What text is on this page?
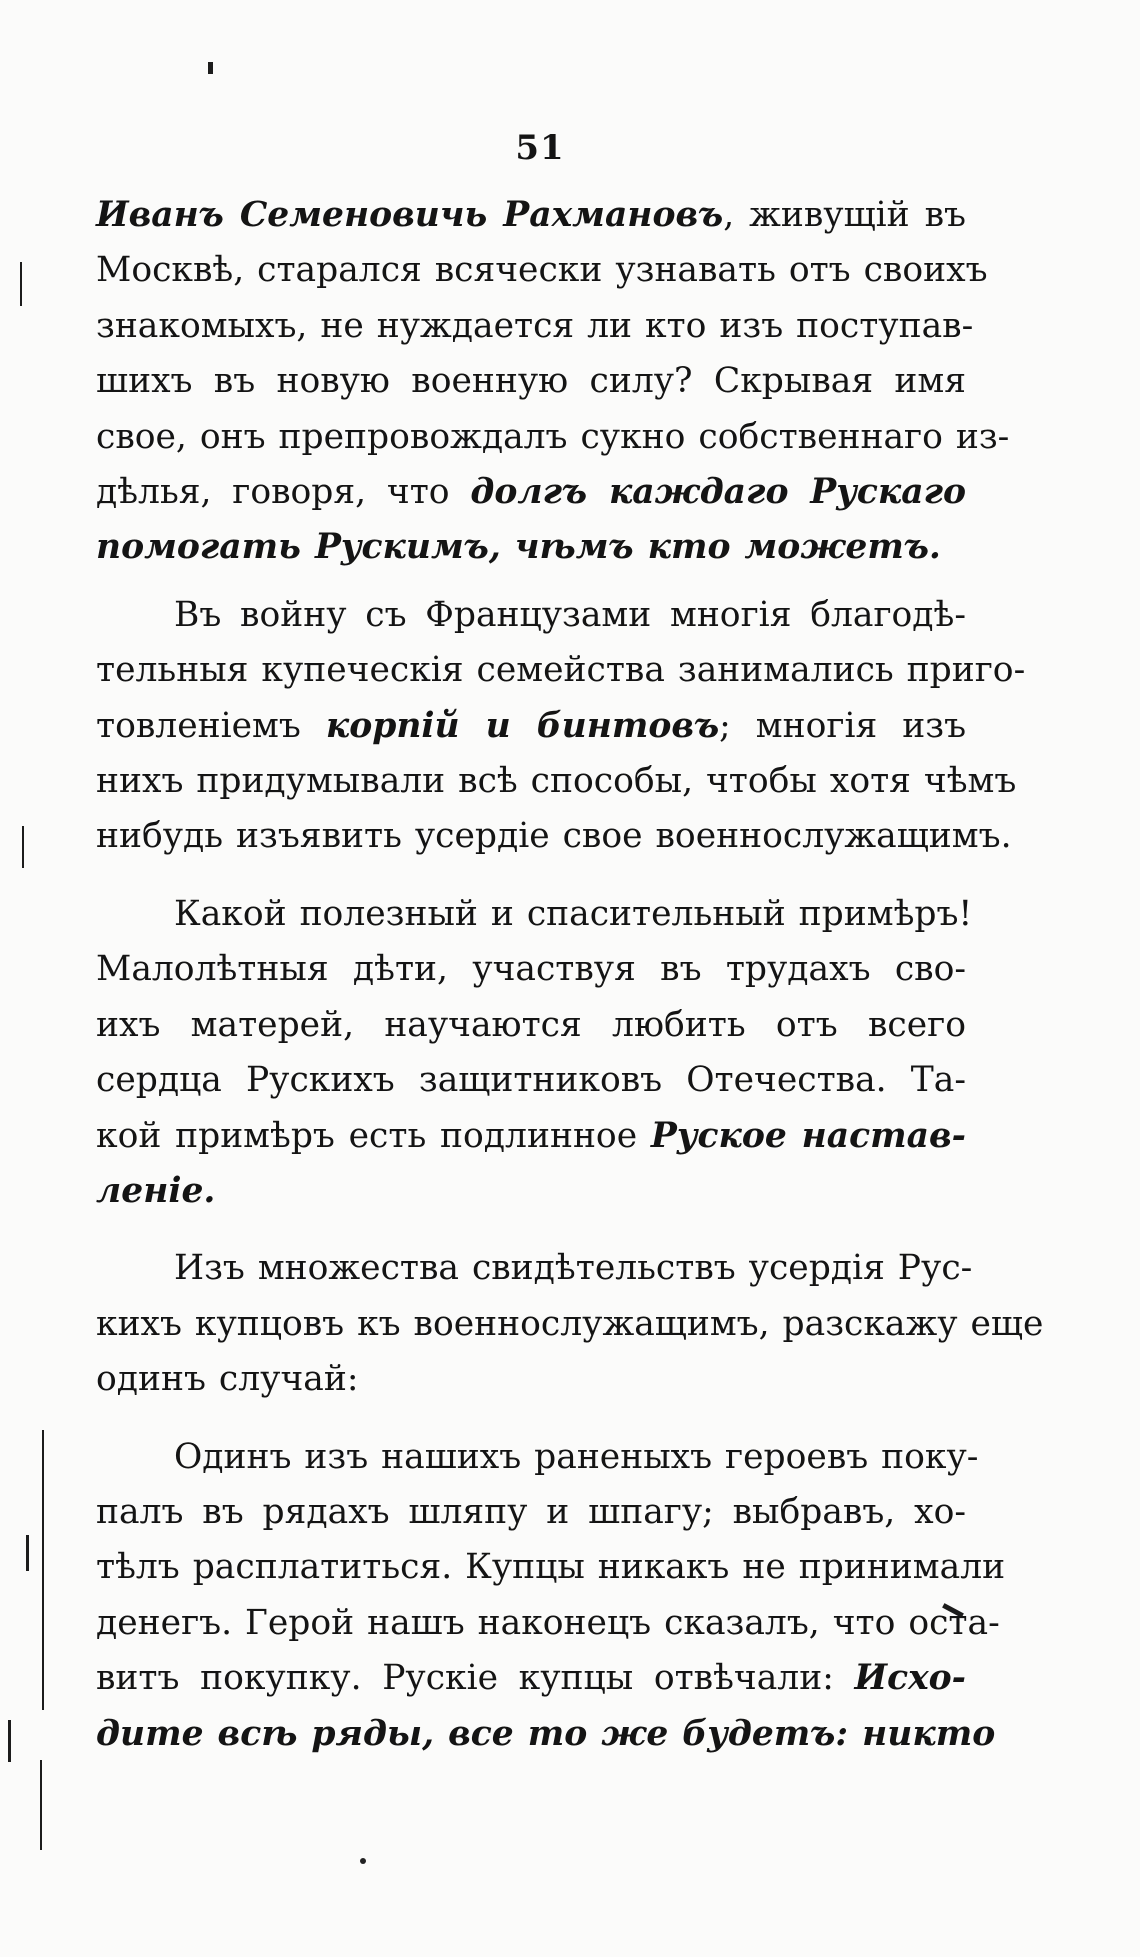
51
Иванъ Семеновичь Рахмановъ, живущій въ
Москвѣ, старался всячески узнавать отъ своихъ
знакомыхъ, не нуждается ли кто изъ поступав-
шихъ въ новую военную силу? Скрывая имя
свое, онъ препровождалъ сукно собственнаго из-
дѣлья, говоря, что долгъ каждаго Рускаго
помогать Рускимъ, чѣмъ кто можетъ.
Въ войну съ Французами многія благодѣ-
тельныя купеческія семейства занимались приго-
товленіемъ корпій и бинтовъ; многія изъ
нихъ придумывали всѣ способы, чтобы хотя чѣмъ
нибудь изъявить усердіе свое военнослужащимъ.
Какой полезный и спасительный примѣръ!
Малолѣтныя дѣти, участвуя въ трудахъ сво-
ихъ матерей, научаются любить отъ всего
сердца Рускихъ защитниковъ Отечества. Та-
кой примѣръ есть подлинное Руское настав-
леніе.
Изъ множества свидѣтельствъ усердія Рус-
кихъ купцовъ къ военнослужащимъ, разскажу еще
одинъ случай:
Одинъ изъ нашихъ раненыхъ героевъ поку-
палъ въ рядахъ шляпу и шпагу; выбравъ, хо-
тѣлъ расплатиться. Купцы никакъ не принимали
денегъ. Герой нашъ наконецъ сказалъ, что оста-
витъ покупку. Рускіе купцы отвѣчали: Исхо-
дите всѣ ряды, все то же будетъ: никто
